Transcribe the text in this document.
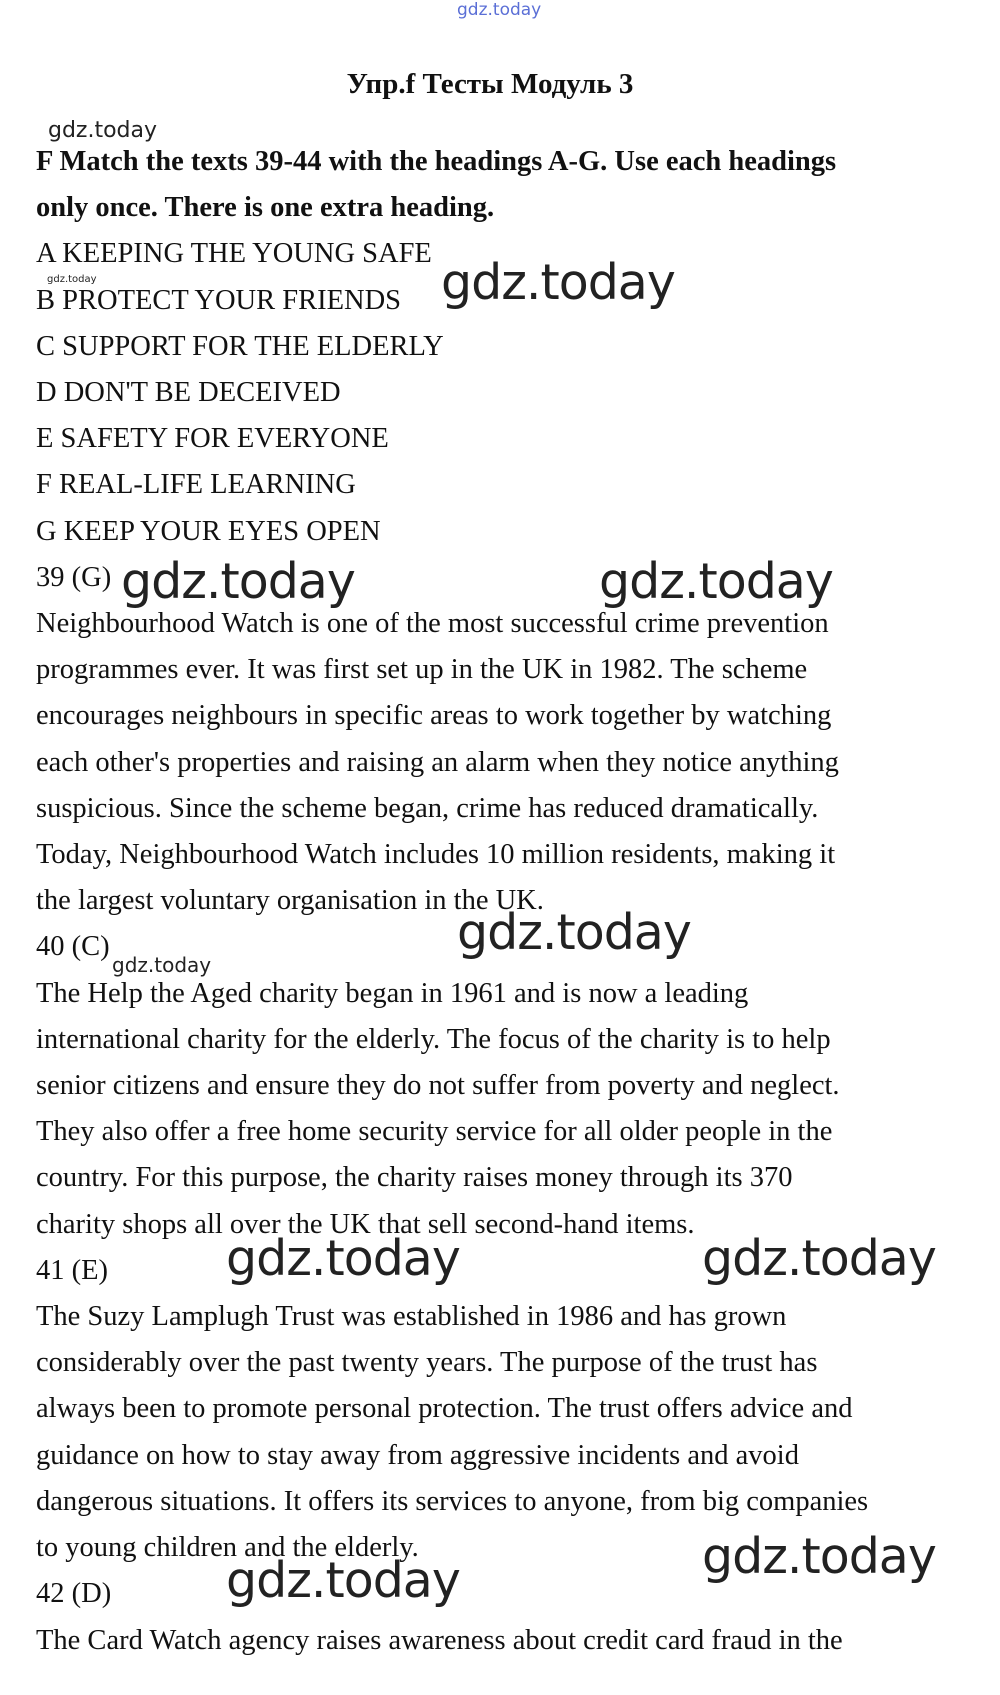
Упр.f Тесты Модуль 3
F Match the texts 39-44 with the headings A-G. Use each headings
only once. There is one extra heading.
A KEEPING THE YOUNG SAFE
B PROTECT YOUR FRIENDS
C SUPPORT FOR THE ELDERLY
D DON'T BE DECEIVED
E SAFETY FOR EVERYONE
F REAL-LIFE LEARNING
G KEEP YOUR EYES OPEN
39 (G)
Neighbourhood Watch is one of the most successful crime prevention
programmes ever. It was first set up in the UK in 1982. The scheme
encourages neighbours in specific areas to work together by watching
each other's properties and raising an alarm when they notice anything
suspicious. Since the scheme began, crime has reduced dramatically.
Today, Neighbourhood Watch includes 10 million residents, making it
the largest voluntary organisation in the UK.
40 (C)
The Help the Aged charity began in 1961 and is now a leading
international charity for the elderly. The focus of the charity is to help
senior citizens and ensure they do not suffer from poverty and neglect.
They also offer a free home security service for all older people in the
country. For this purpose, the charity raises money through its 370
charity shops all over the UK that sell second-hand items.
41 (E)
The Suzy Lamplugh Trust was established in 1986 and has grown
considerably over the past twenty years. The purpose of the trust has
always been to promote personal protection. The trust offers advice and
guidance on how to stay away from aggressive incidents and avoid
dangerous situations. It offers its services to anyone, from big companies
to young children and the elderly.
42 (D)
The Card Watch agency raises awareness about credit card fraud in the
gdz.today
gdz.today
gdz.today	gdz.today
gdz.today	gdz.today
gdz.today
gdz.today
gdz.today	gdz.today
gdz.today
gdz.today
